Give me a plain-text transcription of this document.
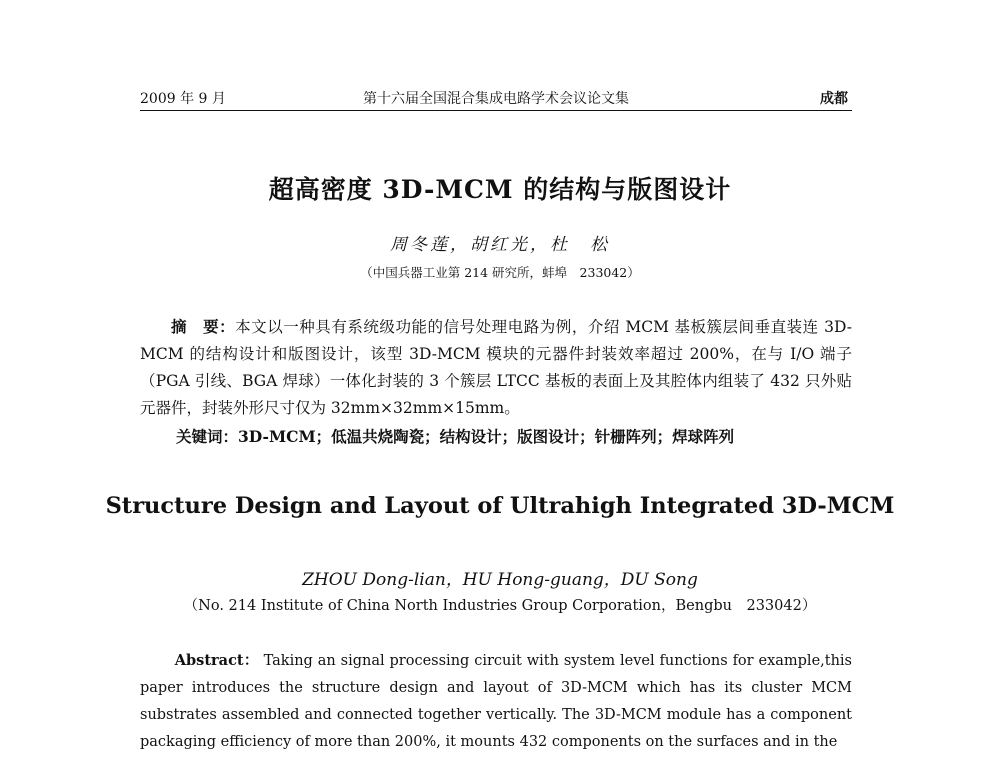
2009 年 9 月	第十六届全国混合集成电路学术会议论文集	成都
超高密度 3D-MCM 的结构与版图设计
周冬莲，胡红光，杜　松
（中国兵器工业第 214 研究所，蚌埠　233042）
摘　要：本文以一种具有系统级功能的信号处理电路为例，介绍 MCM 基板簇层间垂直装连 3D-MCM 的结构设计和版图设计，该型 3D-MCM 模块的元器件封装效率超过 200%，在与 I/O 端子（PGA 引线、BGA 焊球）一体化封装的 3 个簇层 LTCC 基板的表面上及其腔体内组装了 432 只外贴元器件，封装外形尺寸仅为 32mm×32mm×15mm。
关键词：3D-MCM；低温共烧陶瓷；结构设计；版图设计；针栅阵列；焊球阵列
Structure Design and Layout of Ultrahigh Integrated 3D-MCM
ZHOU Dong-lian，HU Hong-guang，DU Song
（No. 214 Institute of China North Industries Group Corporation，Bengbu　233042）
Abstract： Taking an signal processing circuit with system level functions for example,this paper introduces the structure design and layout of 3D-MCM which has its cluster MCM substrates assembled and connected together vertically. The 3D-MCM module has a component packaging efficiency of more than 200%, it mounts 432 components on the surfaces and in the
